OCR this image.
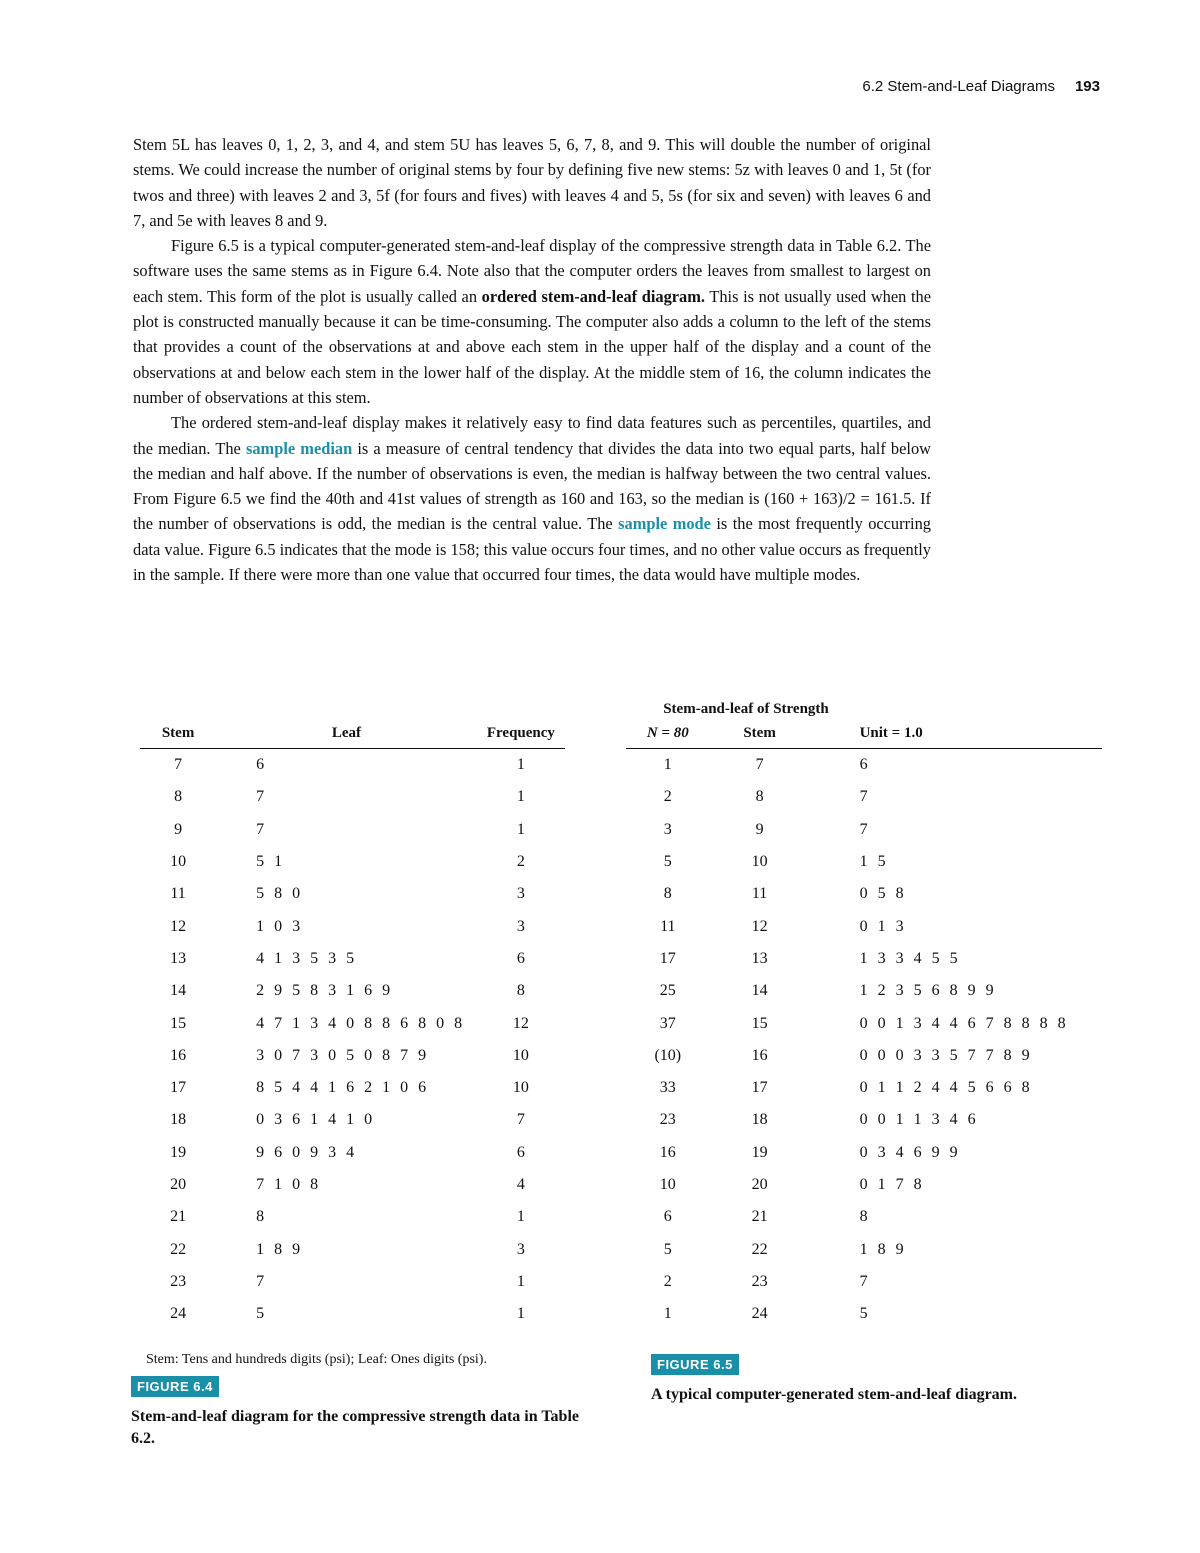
6.2 Stem-and-Leaf Diagrams 193

Stem 5L has leaves 0, 1, 2, 3, and 4, and stem 5U has leaves 5, 6, 7, 8, and 9. This will double the number of original stems. We could increase the number of original stems by four by defining five new stems: 5z with leaves 0 and 1, 5t (for twos and three) with leaves 2 and 3, 5f (for fours and fives) with leaves 4 and 5, 5s (for six and seven) with leaves 6 and 7, and 5e with leaves 8 and 9.

Figure 6.5 is a typical computer-generated stem-and-leaf display of the compressive strength data in Table 6.2. The software uses the same stems as in Figure 6.4. Note also that the computer orders the leaves from smallest to largest on each stem. This form of the plot is usually called an ordered stem-and-leaf diagram. This is not usually used when the plot is constructed manually because it can be time-consuming. The computer also adds a column to the left of the stems that provides a count of the observations at and above each stem in the upper half of the display and a count of the observations at and below each stem in the lower half of the display. At the middle stem of 16, the column indicates the number of observations at this stem.

The ordered stem-and-leaf display makes it relatively easy to find data features such as percentiles, quartiles, and the median. The sample median is a measure of central tendency that divides the data into two equal parts, half below the median and half above. If the number of observations is even, the median is halfway between the two central values. From Figure 6.5 we find the 40th and 41st values of strength as 160 and 163, so the median is (160 + 163)/2 = 161.5. If the number of observations is odd, the median is the central value. The sample mode is the most frequently occurring data value. Figure 6.5 indicates that the mode is 158; this value occurs four times, and no other value occurs as frequently in the sample. If there were more than one value that occurred four times, the data would have multiple modes.

Stem	Leaf	Frequency
7	6	1
8	7	1
9	7	1
10	5 1	2
11	5 8 0	3
12	1 0 3	3
13	4 1 3 5 3 5	6
14	2 9 5 8 3 1 6 9	8
15	4 7 1 3 4 0 8 8 6 8 0 8	12
16	3 0 7 3 0 5 0 8 7 9	10
17	8 5 4 4 1 6 2 1 0 6	10
18	0 3 6 1 4 1 0	7
19	9 6 0 9 3 4	6
20	7 1 0 8	4
21	8	1
22	1 8 9	3
23	7	1
24	5	1
Stem-and-leaf of Strength
N = 80	Stem	Unit = 1.0
1	7	6
2	8	7
3	9	7
5	10	1 5
8	11	0 5 8
11	12	0 1 3
17	13	1 3 3 4 5 5
25	14	1 2 3 5 6 8 9 9
37	15	0 0 1 3 4 4 6 7 8 8 8 8
(10)	16	0 0 0 3 3 5 7 7 8 9
33	17	0 1 1 2 4 4 5 6 6 8
23	18	0 0 1 1 3 4 6
16	19	0 3 4 6 9 9
10	20	0 1 7 8
6	21	8
5	22	1 8 9
2	23	7
1	24	5
Stem: Tens and hundreds digits (psi); Leaf: Ones digits (psi).
FIGURE 6.4
Stem-and-leaf diagram for the compressive strength data in Table 6.2.
FIGURE 6.5
A typical computer-generated stem-and-leaf diagram.
